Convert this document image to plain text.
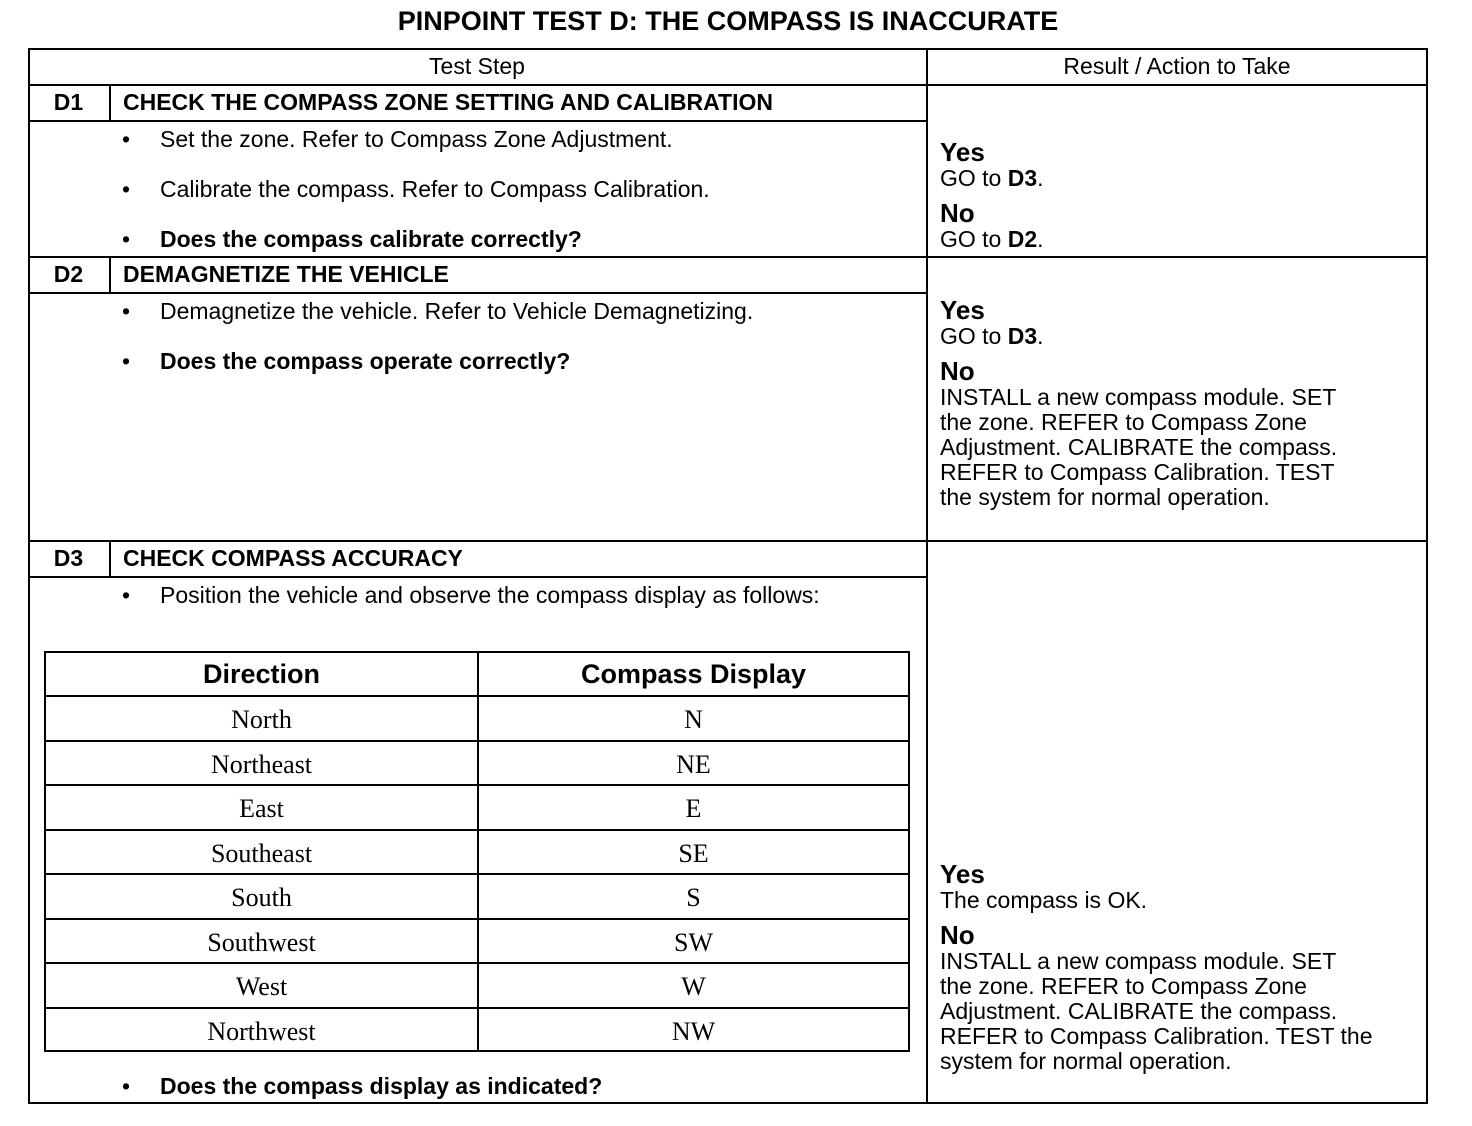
PINPOINT TEST D: THE COMPASS IS INACCURATE
Test Step	Result / Action to Take
D1	CHECK THE COMPASS ZONE SETTING AND CALIBRATION
• Set the zone. Refer to Compass Zone Adjustment.
• Calibrate the compass. Refer to Compass Calibration.
• Does the compass calibrate correctly?
Yes
GO to D3.
No
GO to D2.
D2	DEMAGNETIZE THE VEHICLE
• Demagnetize the vehicle. Refer to Vehicle Demagnetizing.
• Does the compass operate correctly?
Yes
GO to D3.
No
INSTALL a new compass module. SET
the zone. REFER to Compass Zone
Adjustment. CALIBRATE the compass.
REFER to Compass Calibration. TEST
the system for normal operation.
D3	CHECK COMPASS ACCURACY
• Position the vehicle and observe the compass display as follows:
Direction	Compass Display
North	N
Northeast	NE
East	E
Southeast	SE
South	S
Southwest	SW
West	W
Northwest	NW
• Does the compass display as indicated?
Yes
The compass is OK.
No
INSTALL a new compass module. SET
the zone. REFER to Compass Zone
Adjustment. CALIBRATE the compass.
REFER to Compass Calibration. TEST the
system for normal operation.
